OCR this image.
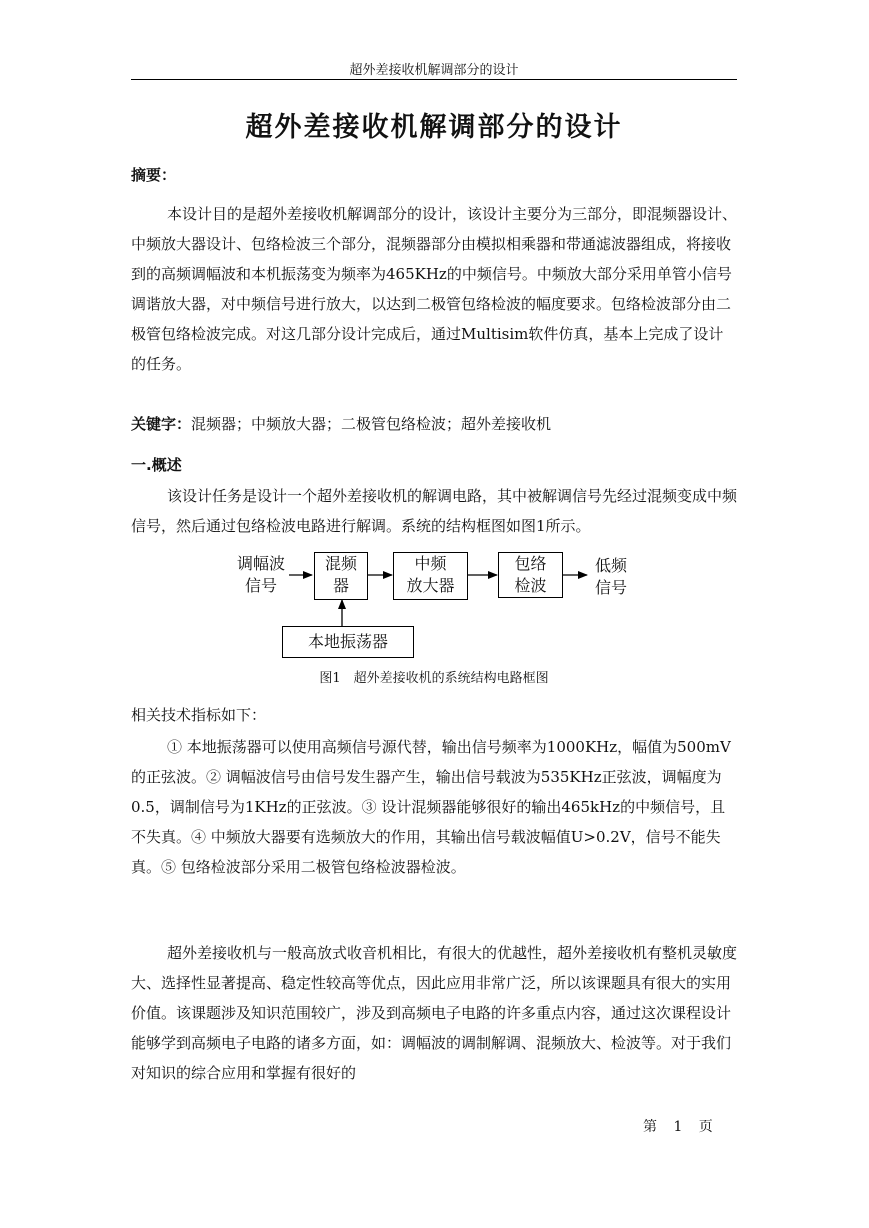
超外差接收机解调部分的设计
超外差接收机解调部分的设计
摘要：
本设计目的是超外差接收机解调部分的设计，该设计主要分为三部分，即混频器设计、中频放大器设计、包络检波三个部分，混频器部分由模拟相乘器和带通滤波器组成，将接收到的高频调幅波和本机振荡变为频率为465KHz的中频信号。中频放大部分采用单管小信号调谐放大器，对中频信号进行放大，以达到二极管包络检波的幅度要求。包络检波部分由二极管包络检波完成。对这几部分设计完成后，通过Multisim软件仿真，基本上完成了设计的任务。
关键字：混频器；中频放大器；二极管包络检波；超外差接收机
一.概述
该设计任务是设计一个超外差接收机的解调电路，其中被解调信号先经过混频变成中频信号，然后通过包络检波电路进行解调。系统的结构框图如图1所示。
调幅波
信号
混频
器
中频
放大器
包络
检波
低频
信号
本地振荡器
图1　超外差接收机的系统结构电路框图
相关技术指标如下：
① 本地振荡器可以使用高频信号源代替，输出信号频率为1000KHz，幅值为500mV的正弦波。② 调幅波信号由信号发生器产生，输出信号载波为535KHz正弦波，调幅度为0.5，调制信号为1KHz的正弦波。③ 设计混频器能够很好的输出465kHz的中频信号，且不失真。④ 中频放大器要有选频放大的作用，其输出信号载波幅值U>0.2V，信号不能失真。⑤ 包络检波部分采用二极管包络检波器检波。
超外差接收机与一般高放式收音机相比，有很大的优越性，超外差接收机有整机灵敏度大、选择性显著提高、稳定性较高等优点，因此应用非常广泛，所以该课题具有很大的实用价值。该课题涉及知识范围较广，涉及到高频电子电路的许多重点内容，通过这次课程设计能够学到高频电子电路的诸多方面，如：调幅波的调制解调、混频放大、检波等。对于我们对知识的综合应用和掌握有很好的
第 1 页
